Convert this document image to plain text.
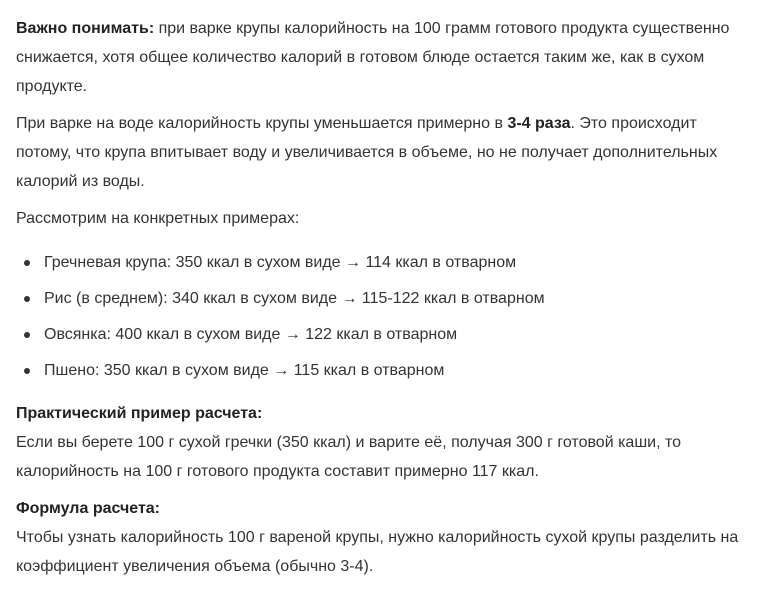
Важно понимать: при варке крупы калорийность на 100 грамм готового продукта существенно снижается, хотя общее количество калорий в готовом блюде остается таким же, как в сухом продукте.

При варке на воде калорийность крупы уменьшается примерно в 3-4 раза. Это происходит потому, что крупа впитывает воду и увеличивается в объеме, но не получает дополнительных калорий из воды.

Рассмотрим на конкретных примерах:

Гречневая крупа: 350 ккал в сухом виде → 114 ккал в отварном
Рис (в среднем): 340 ккал в сухом виде → 115-122 ккал в отварном
Овсянка: 400 ккал в сухом виде → 122 ккал в отварном
Пшено: 350 ккал в сухом виде → 115 ккал в отварном
Практический пример расчета:

Если вы берете 100 г сухой гречки (350 ккал) и варите её, получая 300 г готовой каши, то калорийность на 100 г готового продукта составит примерно 117 ккал.

Формула расчета:

Чтобы узнать калорийность 100 г вареной крупы, нужно калорийность сухой крупы разделить на коэффициент увеличения объема (обычно 3-4).
